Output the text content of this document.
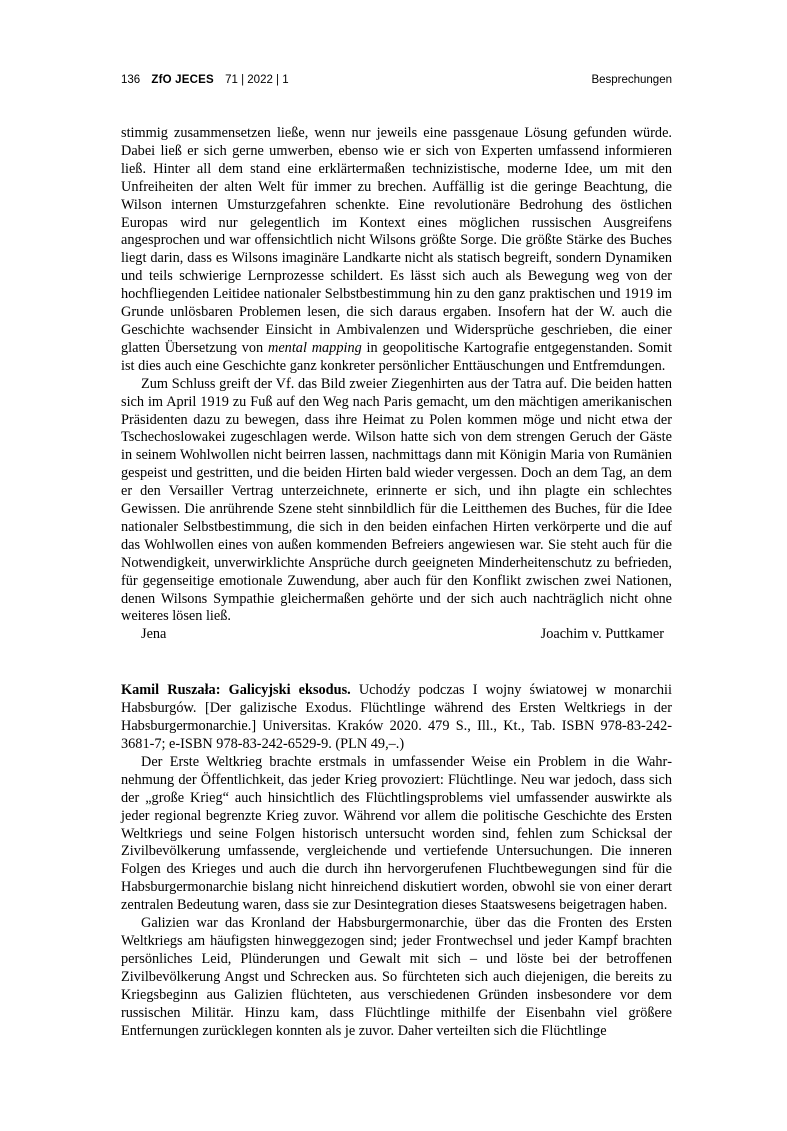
136 ZfO JECES 71 | 2022 | 1	Besprechungen

stimmig zusammensetzen ließe, wenn nur jeweils eine passgenaue Lösung gefunden würde. Dabei ließ er sich gerne umwerben, ebenso wie er sich von Experten umfassend informieren ließ. Hinter all dem stand eine erklärtermaßen technizistische, moderne Idee, um mit den Unfreiheiten der alten Welt für immer zu brechen. Auffällig ist die geringe Beachtung, die Wilson internen Umsturzgefahren schenkte. Eine revolutionäre Bedrohung des östlichen Europas wird nur gelegentlich im Kontext eines möglichen russischen Ausgreifens angesprochen und war offensichtlich nicht Wilsons größte Sorge. Die größte Stärke des Buches liegt darin, dass es Wilsons imaginäre Landkarte nicht als statisch begreift, sondern Dynamiken und teils schwierige Lernprozesse schildert. Es lässt sich auch als Bewegung weg von der hochfliegenden Leitidee nationaler Selbstbestimmung hin zu den ganz praktischen und 1919 im Grunde unlösbaren Problemen lesen, die sich daraus ergaben. Insofern hat der W. auch die Geschichte wachsender Einsicht in Ambivalenzen und Widersprüche geschrieben, die einer glatten Übersetzung von mental mapping in geopolitische Kartografie entgegenstanden. Somit ist dies auch eine Geschichte ganz konkreter persönlicher Enttäuschungen und Entfremdungen.

Zum Schluss greift der Vf. das Bild zweier Ziegenhirten aus der Tatra auf. Die beiden hatten sich im April 1919 zu Fuß auf den Weg nach Paris gemacht, um den mächtigen amerikanischen Präsidenten dazu zu bewegen, dass ihre Heimat zu Polen kommen möge und nicht etwa der Tschechoslowakei zugeschlagen werde. Wilson hatte sich von dem strengen Geruch der Gäste in seinem Wohlwollen nicht beirren lassen, nachmittags dann mit Königin Maria von Rumänien gespeist und gestritten, und die beiden Hirten bald wieder vergessen. Doch an dem Tag, an dem er den Versailler Vertrag unterzeichnete, erinnerte er sich, und ihn plagte ein schlechtes Gewissen. Die anrührende Szene steht sinnbildlich für die Leitthemen des Buches, für die Idee nationaler Selbstbestimmung, die sich in den beiden einfachen Hirten verkörperte und die auf das Wohlwollen eines von außen kommenden Befreiers angewiesen war. Sie steht auch für die Notwendigkeit, unverwirklichte Ansprüche durch geeigneten Minderheitenschutz zu befrieden, für gegenseitige emotionale Zuwendung, aber auch für den Konflikt zwischen zwei Nationen, denen Wilsons Sympathie gleichermaßen gehörte und der sich auch nachträglich nicht ohne weiteres lösen ließ.

Jena	Joachim v. Puttkamer

Kamil Ruszała: Galicyjski eksodus. Uchodźy podczas I wojny światowej w monarchii Habsburgów. [Der galizische Exodus. Flüchtlinge während des Ersten Weltkriegs in der Habsburgermonarchie.] Universitas. Kraków 2020. 479 S., Ill., Kt., Tab. ISBN 978-83-242-3681-7; e-ISBN 978-83-242-6529-9. (PLN 49,–.)

Der Erste Weltkrieg brachte erstmals in umfassender Weise ein Problem in die Wahrnehmung der Öffentlichkeit, das jeder Krieg provoziert: Flüchtlinge. Neu war jedoch, dass sich der „große Krieg“ auch hinsichtlich des Flüchtlingsproblems viel umfassender auswirkte als jeder regional begrenzte Krieg zuvor. Während vor allem die politische Geschichte des Ersten Weltkriegs und seine Folgen historisch untersucht worden sind, fehlen zum Schicksal der Zivilbevölkerung umfassende, vergleichende und vertiefende Untersuchungen. Die inneren Folgen des Krieges und auch die durch ihn hervorgerufenen Fluchtbewegungen sind für die Habsburgermonarchie bislang nicht hinreichend diskutiert worden, obwohl sie von einer derart zentralen Bedeutung waren, dass sie zur Desintegration dieses Staatswesens beigetragen haben.

Galizien war das Kronland der Habsburgermonarchie, über das die Fronten des Ersten Weltkriegs am häufigsten hinweggezogen sind; jeder Frontwechsel und jeder Kampf brachten persönliches Leid, Plünderungen und Gewalt mit sich – und löste bei der betroffenen Zivilbevölkerung Angst und Schrecken aus. So fürchteten sich auch diejenigen, die bereits zu Kriegsbeginn aus Galizien flüchteten, aus verschiedenen Gründen insbesondere vor dem russischen Militär. Hinzu kam, dass Flüchtlinge mithilfe der Eisenbahn viel größere Entfernungen zurücklegen konnten als je zuvor. Daher verteilten sich die Flüchtlinge
